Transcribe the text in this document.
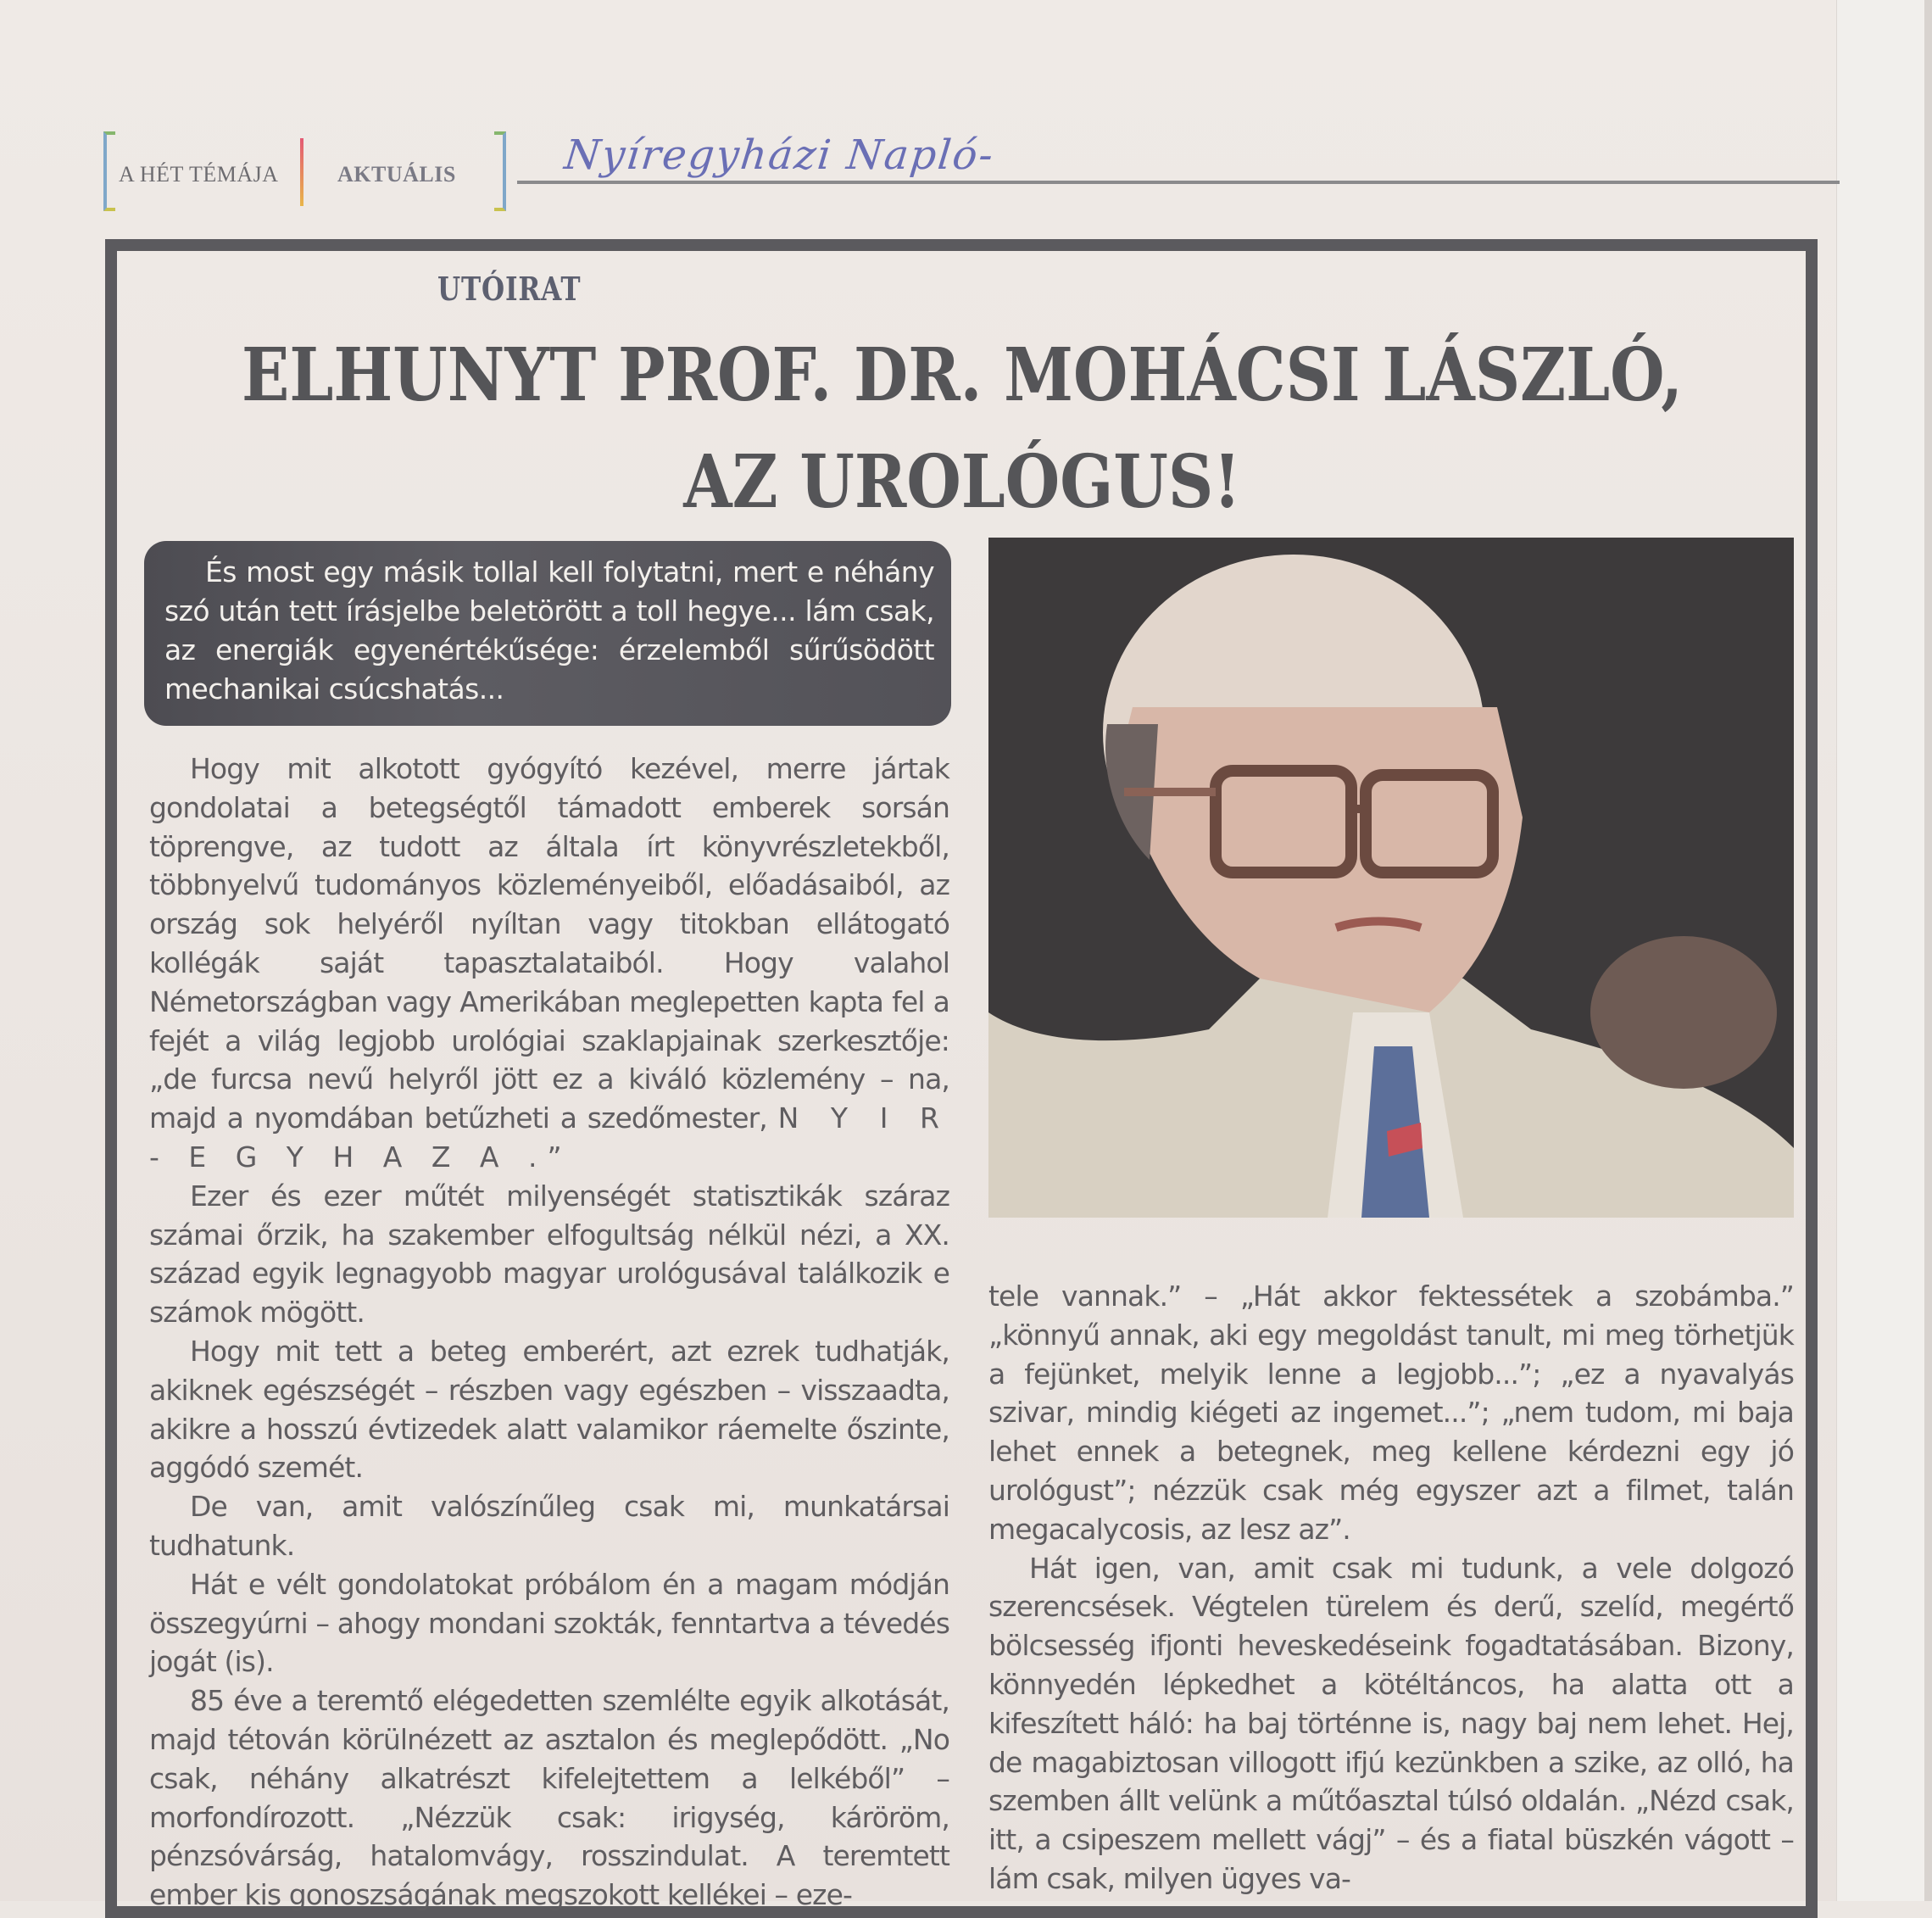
A HÉT TÉMÁJA	AKTUÁLIS	Nyíregyházi Napló-
UTÓIRAT
ELHUNYT PROF. DR. MOHÁCSI LÁSZLÓ,
AZ UROLÓGUS!

És most egy másik tollal kell folytatni, mert e néhány szó után tett írásjelbe beletörött a toll hegye... lám csak, az energiák egyenértékűsége: érzelemből sűrűsödött mechanikai csúcshatás...

Hogy mit alkotott gyógyító kezével, merre jártak gondolatai a betegségtől támadott emberek sorsán töprengve, az tudott az általa írt könyvrészletekből, többnyelvű tudományos közleményeiből, előadásaiból, az ország sok helyéről nyíltan vagy titokban ellátogató kollégák saját tapasztalataiból. Hogy valahol Németországban vagy Amerikában meglepetten kapta fel a fejét a világ legjobb urológiai szaklapjainak szerkesztője: „de furcsa nevű helyről jött ez a kiváló közlemény – na, majd a nyomdában betűzheti a szedőmester, N Y I R - E G Y H A Z A .”

Ezer és ezer műtét milyenségét statisztikák száraz számai őrzik, ha szakember elfogultság nélkül nézi, a XX. század egyik legnagyobb magyar urológusával találkozik e számok mögött.

Hogy mit tett a beteg emberért, azt ezrek tudhatják, akiknek egészségét – részben vagy egészben – visszaadta, akikre a hosszú évtizedek alatt valamikor ráemelte őszinte, aggódó szemét.

De van, amit valószínűleg csak mi, munkatársai tudhatunk.

Hát e vélt gondolatokat próbálom én a magam módján összegyúrni – ahogy mondani szokták, fenntartva a tévedés jogát (is).

85 éve a teremtő elégedetten szemlélte egyik alkotását, majd tétován körülnézett az asztalon és meglepődött. „No csak, néhány alkatrészt kifelejtettem a lelkéből” – morfondírozott. „Nézzük csak: irigység, káröröm, pénzsóvárság, hatalomvágy, rosszindulat. A teremtett ember kis gonoszságának megszokott kellékei – eze-

tele vannak.” – „Hát akkor fektessétek a szobámba.” „könnyű annak, aki egy megoldást tanult, mi meg törhetjük a fejünket, melyik lenne a legjobb...”; „ez a nyavalyás szivar, mindig kiégeti az ingemet...”; „nem tudom, mi baja lehet ennek a betegnek, meg kellene kérdezni egy jó urológust”; nézzük csak még egyszer azt a filmet, talán megacalycosis, az lesz az”.

Hát igen, van, amit csak mi tudunk, a vele dolgozó szerencsések. Végtelen türelem és derű, szelíd, megértő bölcsesség ifjonti heveskedéseink fogadtatásában. Bizony, könnyedén lépkedhet a kötéltáncos, ha alatta ott a kifeszített háló: ha baj történne is, nagy baj nem lehet. Hej, de magabiztosan villogott ifjú kezünkben a szike, az olló, ha szemben állt velünk a műtőasztal túlsó oldalán. „Nézd csak, itt, a csipeszem mellett vágj” – és a fiatal büszkén vágott – lám csak, milyen ügyes va-
